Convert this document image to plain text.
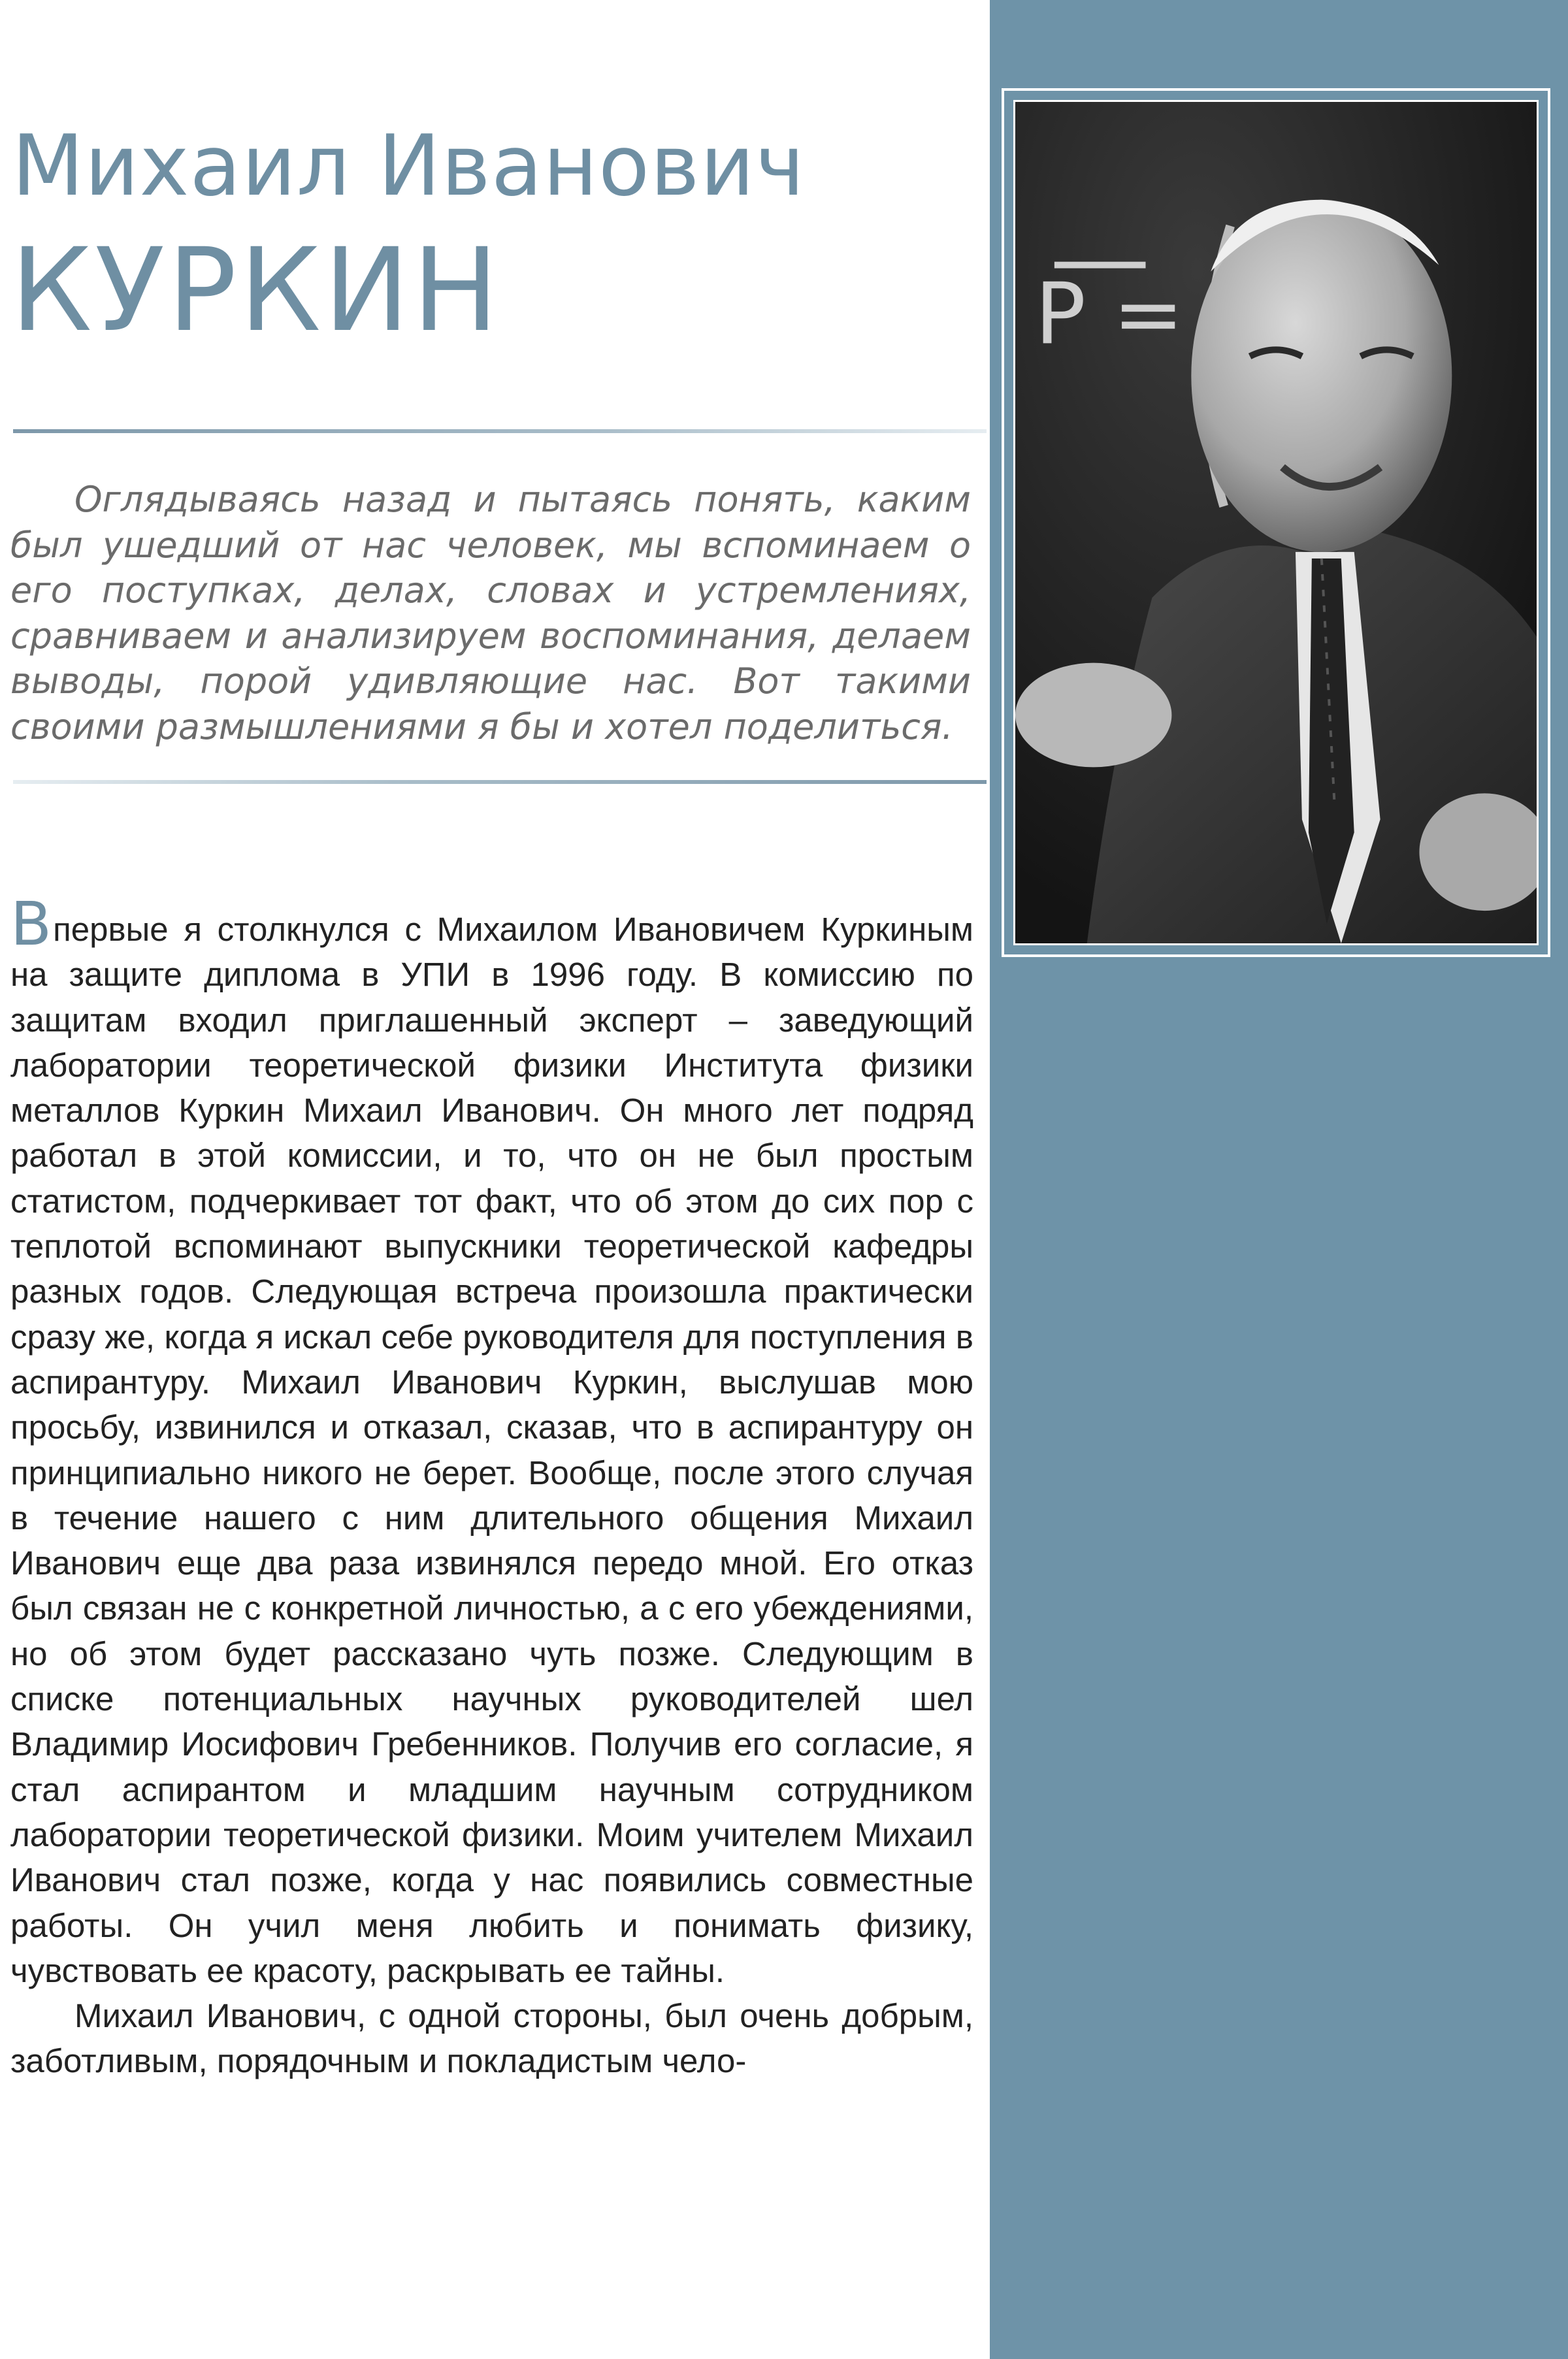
P =
Михаил Иванович
КУРКИН

Оглядываясь назад и пытаясь понять, каким был ушедший от нас человек, мы вспоминаем о его поступках, делах, словах и устремлениях, сравниваем и анализируем воспоминания, делаем выводы, порой удивляющие нас. Вот такими своими размышлениями я бы и хотел поделиться.

Впервые я столкнулся с Михаилом Ивановичем Куркиным на защите диплома в УПИ в 1996 году. В комиссию по защитам входил приглашенный эксперт – заведующий лаборатории теоретической физики Института физики металлов Куркин Михаил Иванович. Он много лет подряд работал в этой комиссии, и то, что он не был простым статистом, подчеркивает тот факт, что об этом до сих пор с теплотой вспоминают выпускники теоретической кафедры разных годов. Следующая встреча произошла практически сразу же, когда я искал себе руководителя для поступления в аспирантуру. Михаил Иванович Куркин, выслушав мою просьбу, извинился и отказал, сказав, что в аспирантуру он принципиально никого не берет. Вообще, после этого случая в течение нашего с ним длительного общения Михаил Иванович еще два раза извинялся передо мной. Его отказ был связан не с конкретной личностью, а с его убеждениями, но об этом будет рассказано чуть позже. Следующим в списке потенциальных научных руководителей шел Владимир Иосифович Гребенников. Получив его согласие, я стал аспирантом и младшим научным сотрудником лаборатории теоретической физики. Моим учителем Михаил Иванович стал позже, когда у нас появились совместные работы. Он учил меня любить и понимать физику, чувствовать ее красоту, раскрывать ее тайны.

Михаил Иванович, с одной стороны, был очень добрым, заботливым, порядочным и покладистым чело-
